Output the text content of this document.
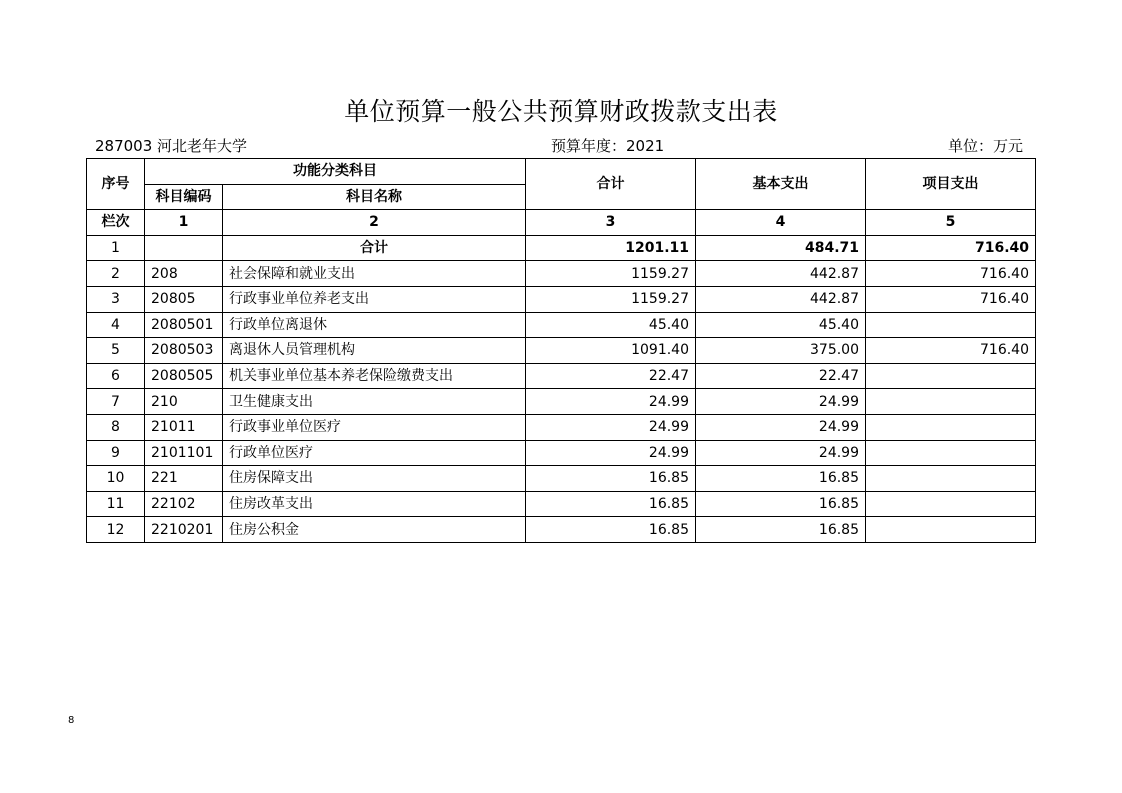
单位预算一般公共预算财政拨款支出表
287003 河北老年大学	预算年度：2021	单位：万元
序号	功能分类科目		合计	基本支出	项目支出
	科目编码	科目名称			
栏次	1	2	3	4	5
1		合计	1201.11	484.71	716.40
2	208	社会保障和就业支出	1159.27	442.87	716.40
3	20805	行政事业单位养老支出	1159.27	442.87	716.40
4	2080501	行政单位离退休	45.40	45.40	
5	2080503	离退休人员管理机构	1091.40	375.00	716.40
6	2080505	机关事业单位基本养老保险缴费支出	22.47	22.47	
7	210	卫生健康支出	24.99	24.99	
8	21011	行政事业单位医疗	24.99	24.99	
9	2101101	行政单位医疗	24.99	24.99	
10	221	住房保障支出	16.85	16.85	
11	22102	住房改革支出	16.85	16.85	
12	2210201	住房公积金	16.85	16.85	
8
